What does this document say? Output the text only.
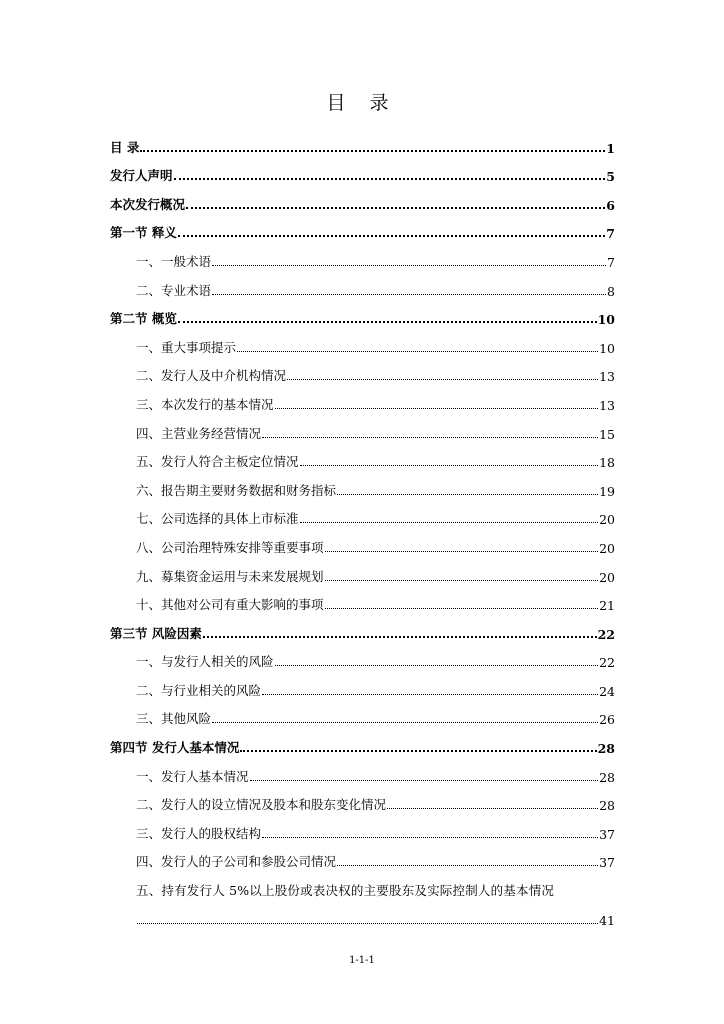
目 录
目 录	1
发行人声明	5
本次发行概况	6
第一节 释义	7
一、一般术语	7
二、专业术语	8
第二节 概览	10
一、重大事项提示	10
二、发行人及中介机构情况	13
三、本次发行的基本情况	13
四、主营业务经营情况	15
五、发行人符合主板定位情况	18
六、报告期主要财务数据和财务指标	19
七、公司选择的具体上市标准	20
八、公司治理特殊安排等重要事项	20
九、募集资金运用与未来发展规划	20
十、其他对公司有重大影响的事项	21
第三节 风险因素	22
一、与发行人相关的风险	22
二、与行业相关的风险	24
三、其他风险	26
第四节 发行人基本情况	28
一、发行人基本情况	28
二、发行人的设立情况及股本和股东变化情况	28
三、发行人的股权结构	37
四、发行人的子公司和参股公司情况	37
五、持有发行人 5%以上股份或表决权的主要股东及实际控制人的基本情况
41
1-1-1
